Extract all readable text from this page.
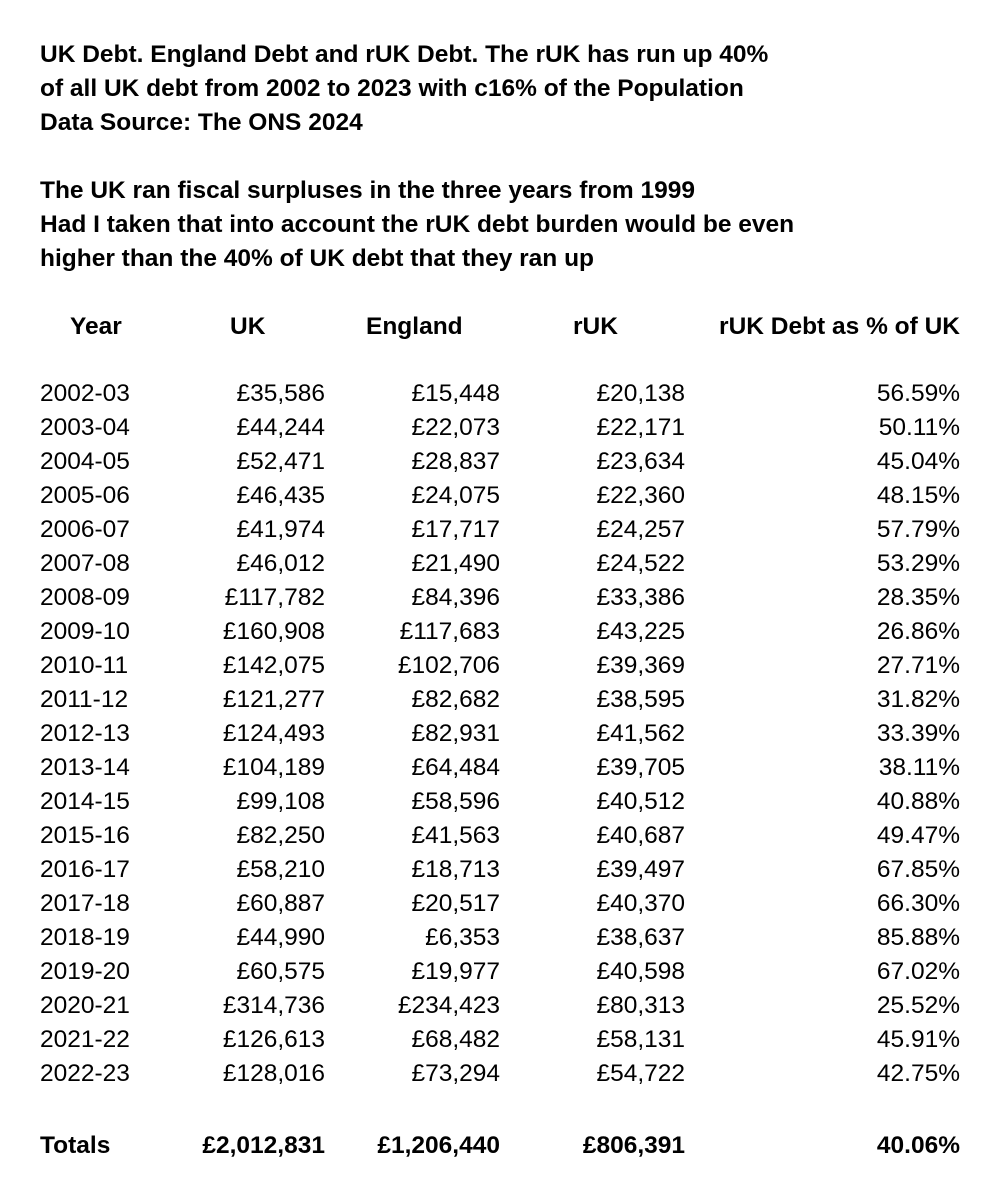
UK Debt. England Debt and rUK Debt. The rUK has run up 40%
of all UK debt from 2002 to 2023 with c16% of the Population
Data Source: The ONS 2024
The UK ran fiscal surpluses in the three years from 1999
Had I taken that into account the rUK debt burden would be even
higher than the 40% of UK debt that they ran up
Year	UK	England	rUK	rUK Debt as % of UK
2002-03	£35,586	£15,448	£20,138	56.59%
2003-04	£44,244	£22,073	£22,171	50.11%
2004-05	£52,471	£28,837	£23,634	45.04%
2005-06	£46,435	£24,075	£22,360	48.15%
2006-07	£41,974	£17,717	£24,257	57.79%
2007-08	£46,012	£21,490	£24,522	53.29%
2008-09	£117,782	£84,396	£33,386	28.35%
2009-10	£160,908	£117,683	£43,225	26.86%
2010-11	£142,075	£102,706	£39,369	27.71%
2011-12	£121,277	£82,682	£38,595	31.82%
2012-13	£124,493	£82,931	£41,562	33.39%
2013-14	£104,189	£64,484	£39,705	38.11%
2014-15	£99,108	£58,596	£40,512	40.88%
2015-16	£82,250	£41,563	£40,687	49.47%
2016-17	£58,210	£18,713	£39,497	67.85%
2017-18	£60,887	£20,517	£40,370	66.30%
2018-19	£44,990	£6,353	£38,637	85.88%
2019-20	£60,575	£19,977	£40,598	67.02%
2020-21	£314,736	£234,423	£80,313	25.52%
2021-22	£126,613	£68,482	£58,131	45.91%
2022-23	£128,016	£73,294	£54,722	42.75%
Totals	£2,012,831 £1,206,440	£806,391	40.06%
